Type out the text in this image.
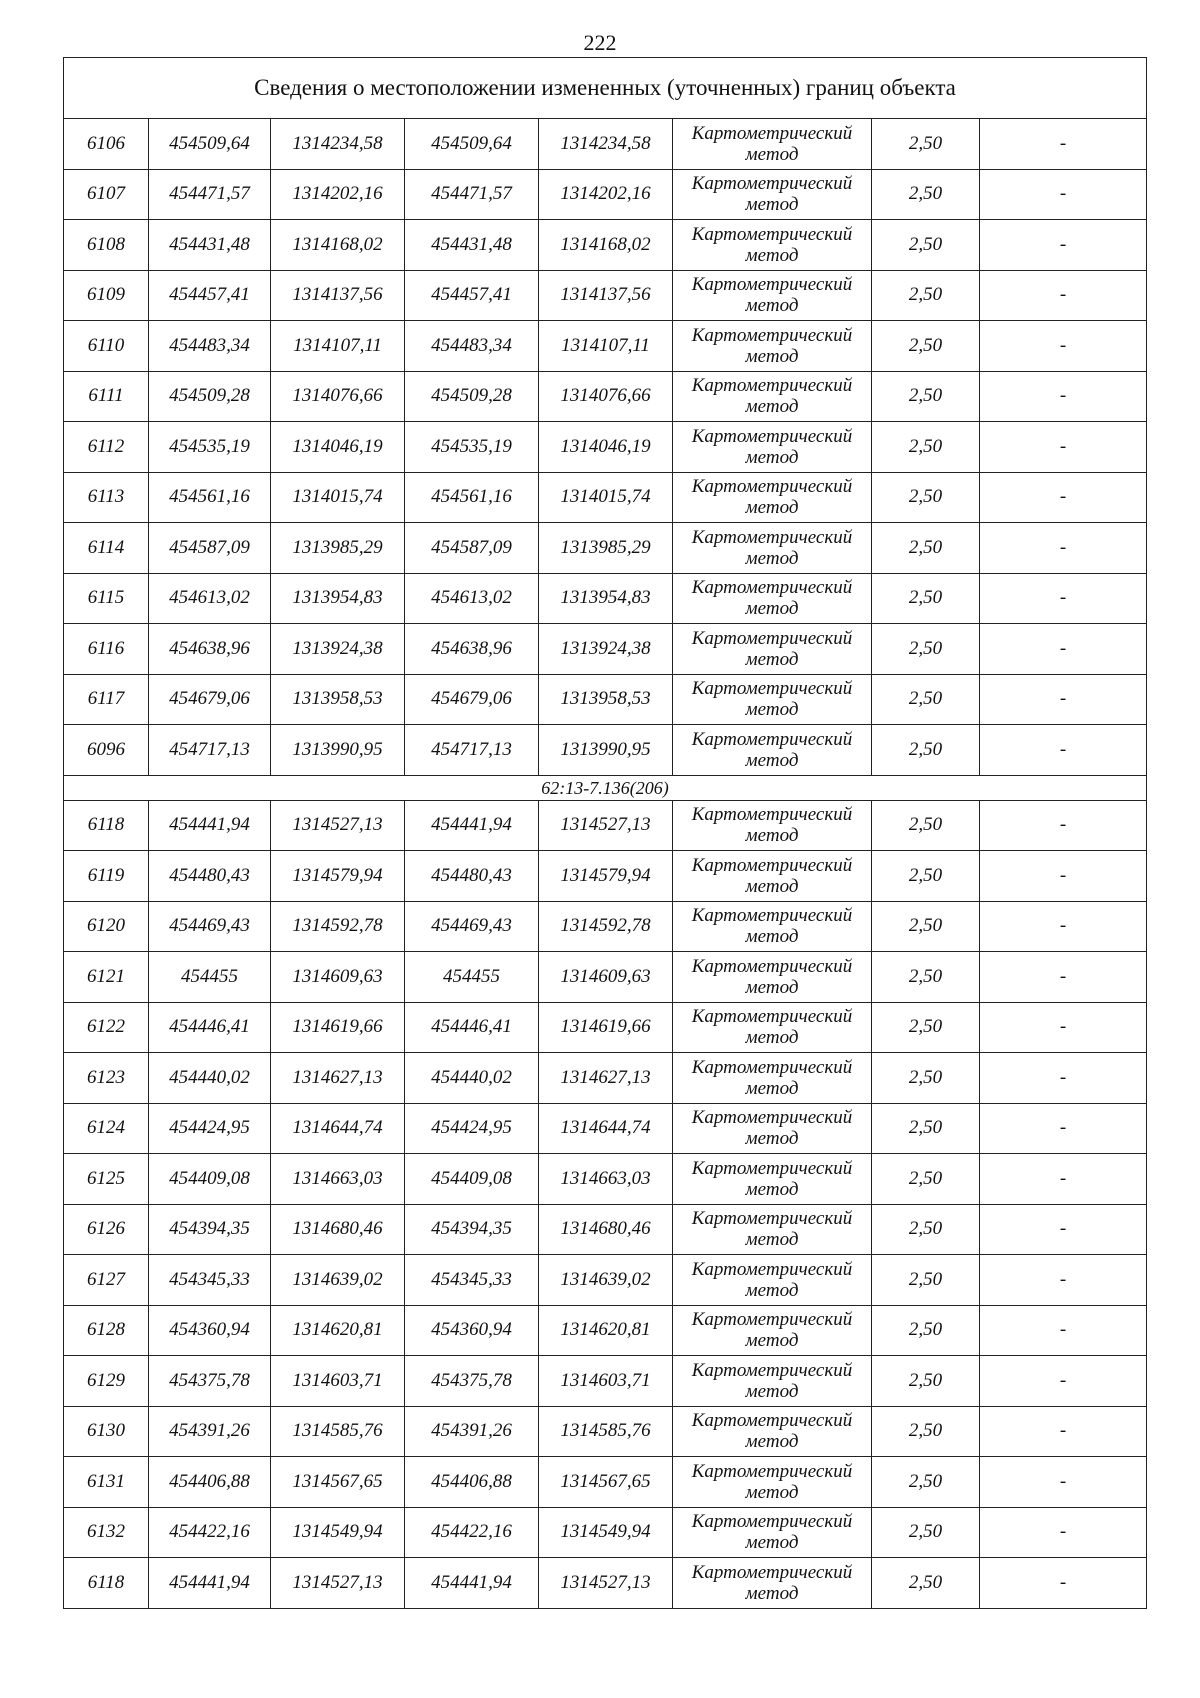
222
Сведения о местоположении измененных (уточненных) границ объекта							
6106	454509,64	1314234,58	454509,64	1314234,58	Картометрический
метод	2,50	-
6107	454471,57	1314202,16	454471,57	1314202,16	Картометрический
метод	2,50	-
6108	454431,48	1314168,02	454431,48	1314168,02	Картометрический
метод	2,50	-
6109	454457,41	1314137,56	454457,41	1314137,56	Картометрический
метод	2,50	-
6110	454483,34	1314107,11	454483,34	1314107,11	Картометрический
метод	2,50	-
6111	454509,28	1314076,66	454509,28	1314076,66	Картометрический
метод	2,50	-
6112	454535,19	1314046,19	454535,19	1314046,19	Картометрический
метод	2,50	-
6113	454561,16	1314015,74	454561,16	1314015,74	Картометрический
метод	2,50	-
6114	454587,09	1313985,29	454587,09	1313985,29	Картометрический
метод	2,50	-
6115	454613,02	1313954,83	454613,02	1313954,83	Картометрический
метод	2,50	-
6116	454638,96	1313924,38	454638,96	1313924,38	Картометрический
метод	2,50	-
6117	454679,06	1313958,53	454679,06	1313958,53	Картометрический
метод	2,50	-
6096	454717,13	1313990,95	454717,13	1313990,95	Картометрический
метод	2,50	-
62:13-7.136(206)							
6118	454441,94	1314527,13	454441,94	1314527,13	Картометрический
метод	2,50	-
6119	454480,43	1314579,94	454480,43	1314579,94	Картометрический
метод	2,50	-
6120	454469,43	1314592,78	454469,43	1314592,78	Картометрический
метод	2,50	-
6121	454455	1314609,63	454455	1314609,63	Картометрический
метод	2,50	-
6122	454446,41	1314619,66	454446,41	1314619,66	Картометрический
метод	2,50	-
6123	454440,02	1314627,13	454440,02	1314627,13	Картометрический
метод	2,50	-
6124	454424,95	1314644,74	454424,95	1314644,74	Картометрический
метод	2,50	-
6125	454409,08	1314663,03	454409,08	1314663,03	Картометрический
метод	2,50	-
6126	454394,35	1314680,46	454394,35	1314680,46	Картометрический
метод	2,50	-
6127	454345,33	1314639,02	454345,33	1314639,02	Картометрический
метод	2,50	-
6128	454360,94	1314620,81	454360,94	1314620,81	Картометрический
метод	2,50	-
6129	454375,78	1314603,71	454375,78	1314603,71	Картометрический
метод	2,50	-
6130	454391,26	1314585,76	454391,26	1314585,76	Картометрический
метод	2,50	-
6131	454406,88	1314567,65	454406,88	1314567,65	Картометрический
метод	2,50	-
6132	454422,16	1314549,94	454422,16	1314549,94	Картометрический
метод	2,50	-
6118	454441,94	1314527,13	454441,94	1314527,13	Картометрический
метод	2,50	-
